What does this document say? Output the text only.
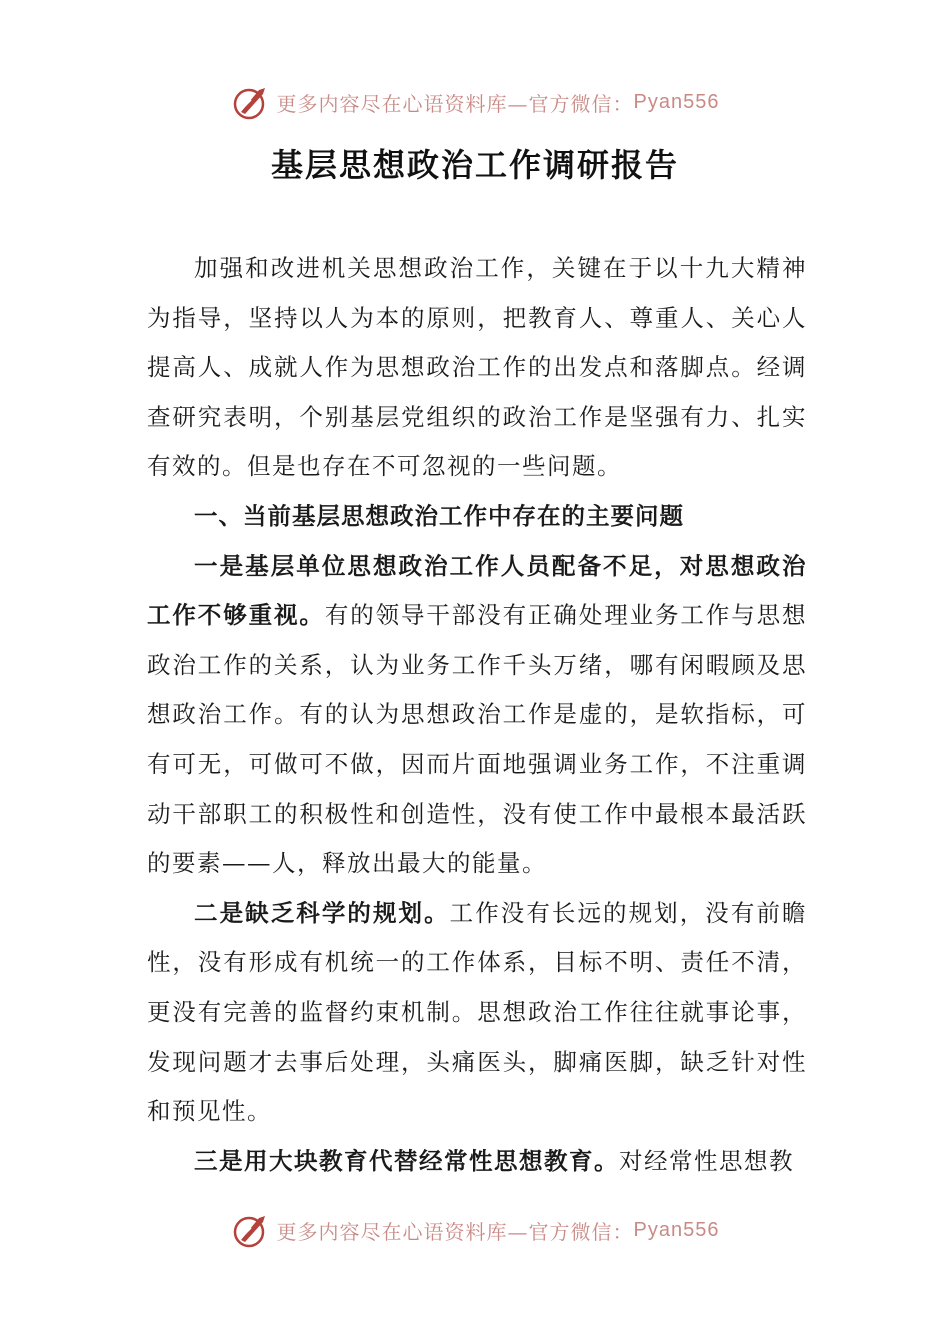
更多内容尽在心语资料库—官方微信： Pyan556
基层思想政治工作调研报告

加强和改进机关思想政治工作，关键在于以十九大精神为指导，坚持以人为本的原则，把教育人、尊重人、关心人提高人、成就人作为思想政治工作的出发点和落脚点。经调查研究表明，个别基层党组织的政治工作是坚强有力、扎实有效的。但是也存在不可忽视的一些问题。

一、当前基层思想政治工作中存在的主要问题

一是基层单位思想政治工作人员配备不足，对思想政治工作不够重视。有的领导干部没有正确处理业务工作与思想政治工作的关系，认为业务工作千头万绪，哪有闲暇顾及思想政治工作。有的认为思想政治工作是虚的，是软指标，可有可无，可做可不做，因而片面地强调业务工作，不注重调动干部职工的积极性和创造性，没有使工作中最根本最活跃的要素——人，释放出最大的能量。

二是缺乏科学的规划。工作没有长远的规划，没有前瞻性，没有形成有机统一的工作体系，目标不明、责任不清，更没有完善的监督约束机制。思想政治工作往往就事论事，发现问题才去事后处理，头痛医头，脚痛医脚，缺乏针对性和预见性。

三是用大块教育代替经常性思想教育。对经常性思想教

更多内容尽在心语资料库—官方微信： Pyan556
